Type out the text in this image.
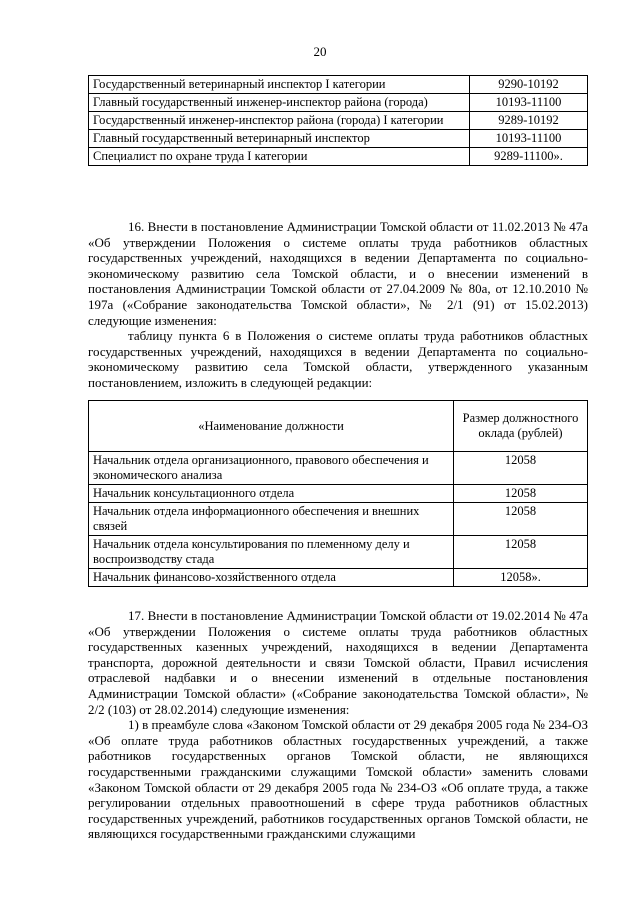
20
Государственный ветеринарный инспектор I категории	9290-10192
Главный государственный инженер-инспектор района (города)	10193-11100
Государственный инженер-инспектор района (города) I категории	9289-10192
Главный государственный ветеринарный инспектор	10193-11100
Специалист по охране труда I категории	9289-11100».

16. Внести в постановление Администрации Томской области от 11.02.2013 № 47а «Об утверждении Положения о системе оплаты труда работников областных государственных учреждений, находящихся в ведении Департамента по социально-экономическому развитию села Томской области, и о внесении изменений в постановления Администрации Томской области от 27.04.2009 № 80а, от 12.10.2010 № 197а («Собрание законодательства Томской области», № 2/1 (91) от 15.02.2013) следующие изменения:

таблицу пункта 6 в Положения о системе оплаты труда работников областных государственных учреждений, находящихся в ведении Департамента по социально-экономическому развитию села Томской области, утвержденного указанным постановлением, изложить в следующей редакции:

«Наименование должности	Размер должностного оклада (рублей)
Начальник отдела организационного, правового обеспечения и экономического анализа	12058
Начальник консультационного отдела	12058
Начальник отдела информационного обеспечения и внешних связей	12058
Начальник отдела консультирования по племенному делу и воспроизводству стада	12058
Начальник финансово-хозяйственного отдела	12058».

17. Внести в постановление Администрации Томской области от 19.02.2014 № 47а «Об утверждении Положения о системе оплаты труда работников областных государственных казенных учреждений, находящихся в ведении Департамента транспорта, дорожной деятельности и связи Томской области, Правил исчисления отраслевой надбавки и о внесении изменений в отдельные постановления Администрации Томской области» («Собрание законодательства Томской области», № 2/2 (103) от 28.02.2014) следующие изменения:

1) в преамбуле слова «Законом Томской области от 29 декабря 2005 года № 234-ОЗ «Об оплате труда работников областных государственных учреждений, а также работников государственных органов Томской области, не являющихся государственными гражданскими служащими Томской области» заменить словами «Законом Томской области от 29 декабря 2005 года № 234-ОЗ «Об оплате труда, а также регулировании отдельных правоотношений в сфере труда работников областных государственных учреждений, работников государственных органов Томской области, не являющихся государственными гражданскими служащими
